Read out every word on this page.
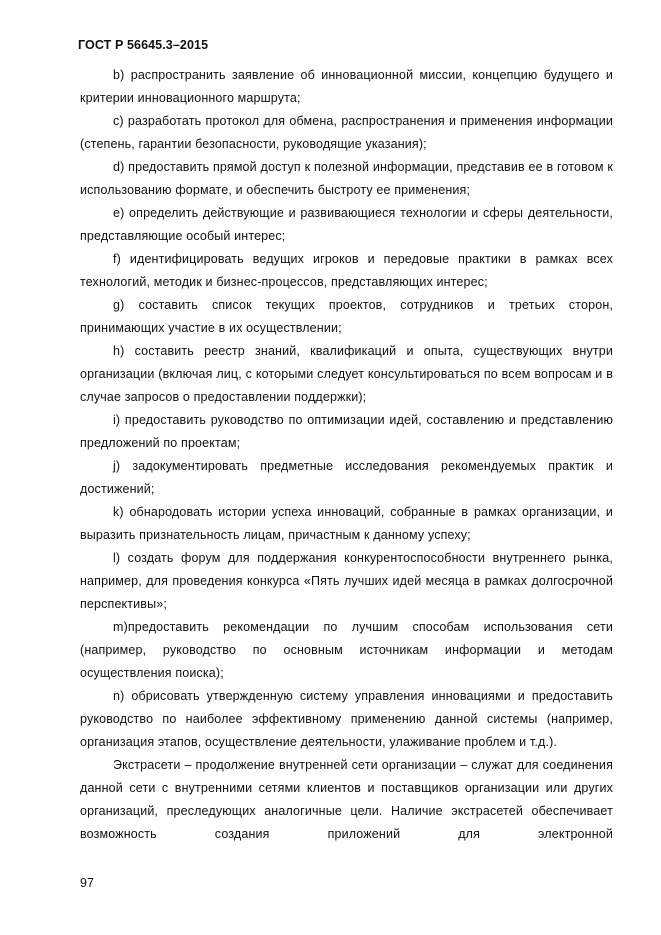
ГОСТ Р 56645.3–2015

b) распространить заявление об инновационной миссии, концепцию будущего и критерии инновационного маршрута;

c) разработать протокол для обмена, распространения и применения информации (степень, гарантии безопасности, руководящие указания);

d) предоставить прямой доступ к полезной информации, представив ее в готовом к использованию формате, и обеспечить быстроту ее применения;

e) определить действующие и развивающиеся технологии и сферы деятельности, представляющие особый интерес;

f) идентифицировать ведущих игроков и передовые практики в рамках всех технологий, методик и бизнес-процессов, представляющих интерес;

g) составить список текущих проектов, сотрудников и третьих сторон, принимающих участие в их осуществлении;

h) составить реестр знаний, квалификаций и опыта, существующих внутри организации (включая лиц, с которыми следует консультироваться по всем вопросам и в случае запросов о предоставлении поддержки);

i) предоставить руководство по оптимизации идей, составлению и представлению предложений по проектам;

j) задокументировать предметные исследования рекомендуемых практик и достижений;

k) обнародовать истории успеха инноваций, собранные в рамках организации, и выразить признательность лицам, причастным к данному успеху;

l) создать форум для поддержания конкурентоспособности внутреннего рынка, например, для проведения конкурса «Пять лучших идей месяца в рамках долгосрочной перспективы»;

m)предоставить рекомендации по лучшим способам использования сети (например, руководство по основным источникам информации и методам осуществления поиска);

n) обрисовать утвержденную систему управления инновациями и предоставить руководство по наиболее эффективному применению данной системы (например, организация этапов, осуществление деятельности, улаживание проблем и т.д.).

Экстрасети – продолжение внутренней сети организации – служат для соединения данной сети с внутренними сетями клиентов и поставщиков организации или других организаций, преследующих аналогичные цели. Наличие экстрасетей обеспечивает возможность создания приложений для электронной

97
